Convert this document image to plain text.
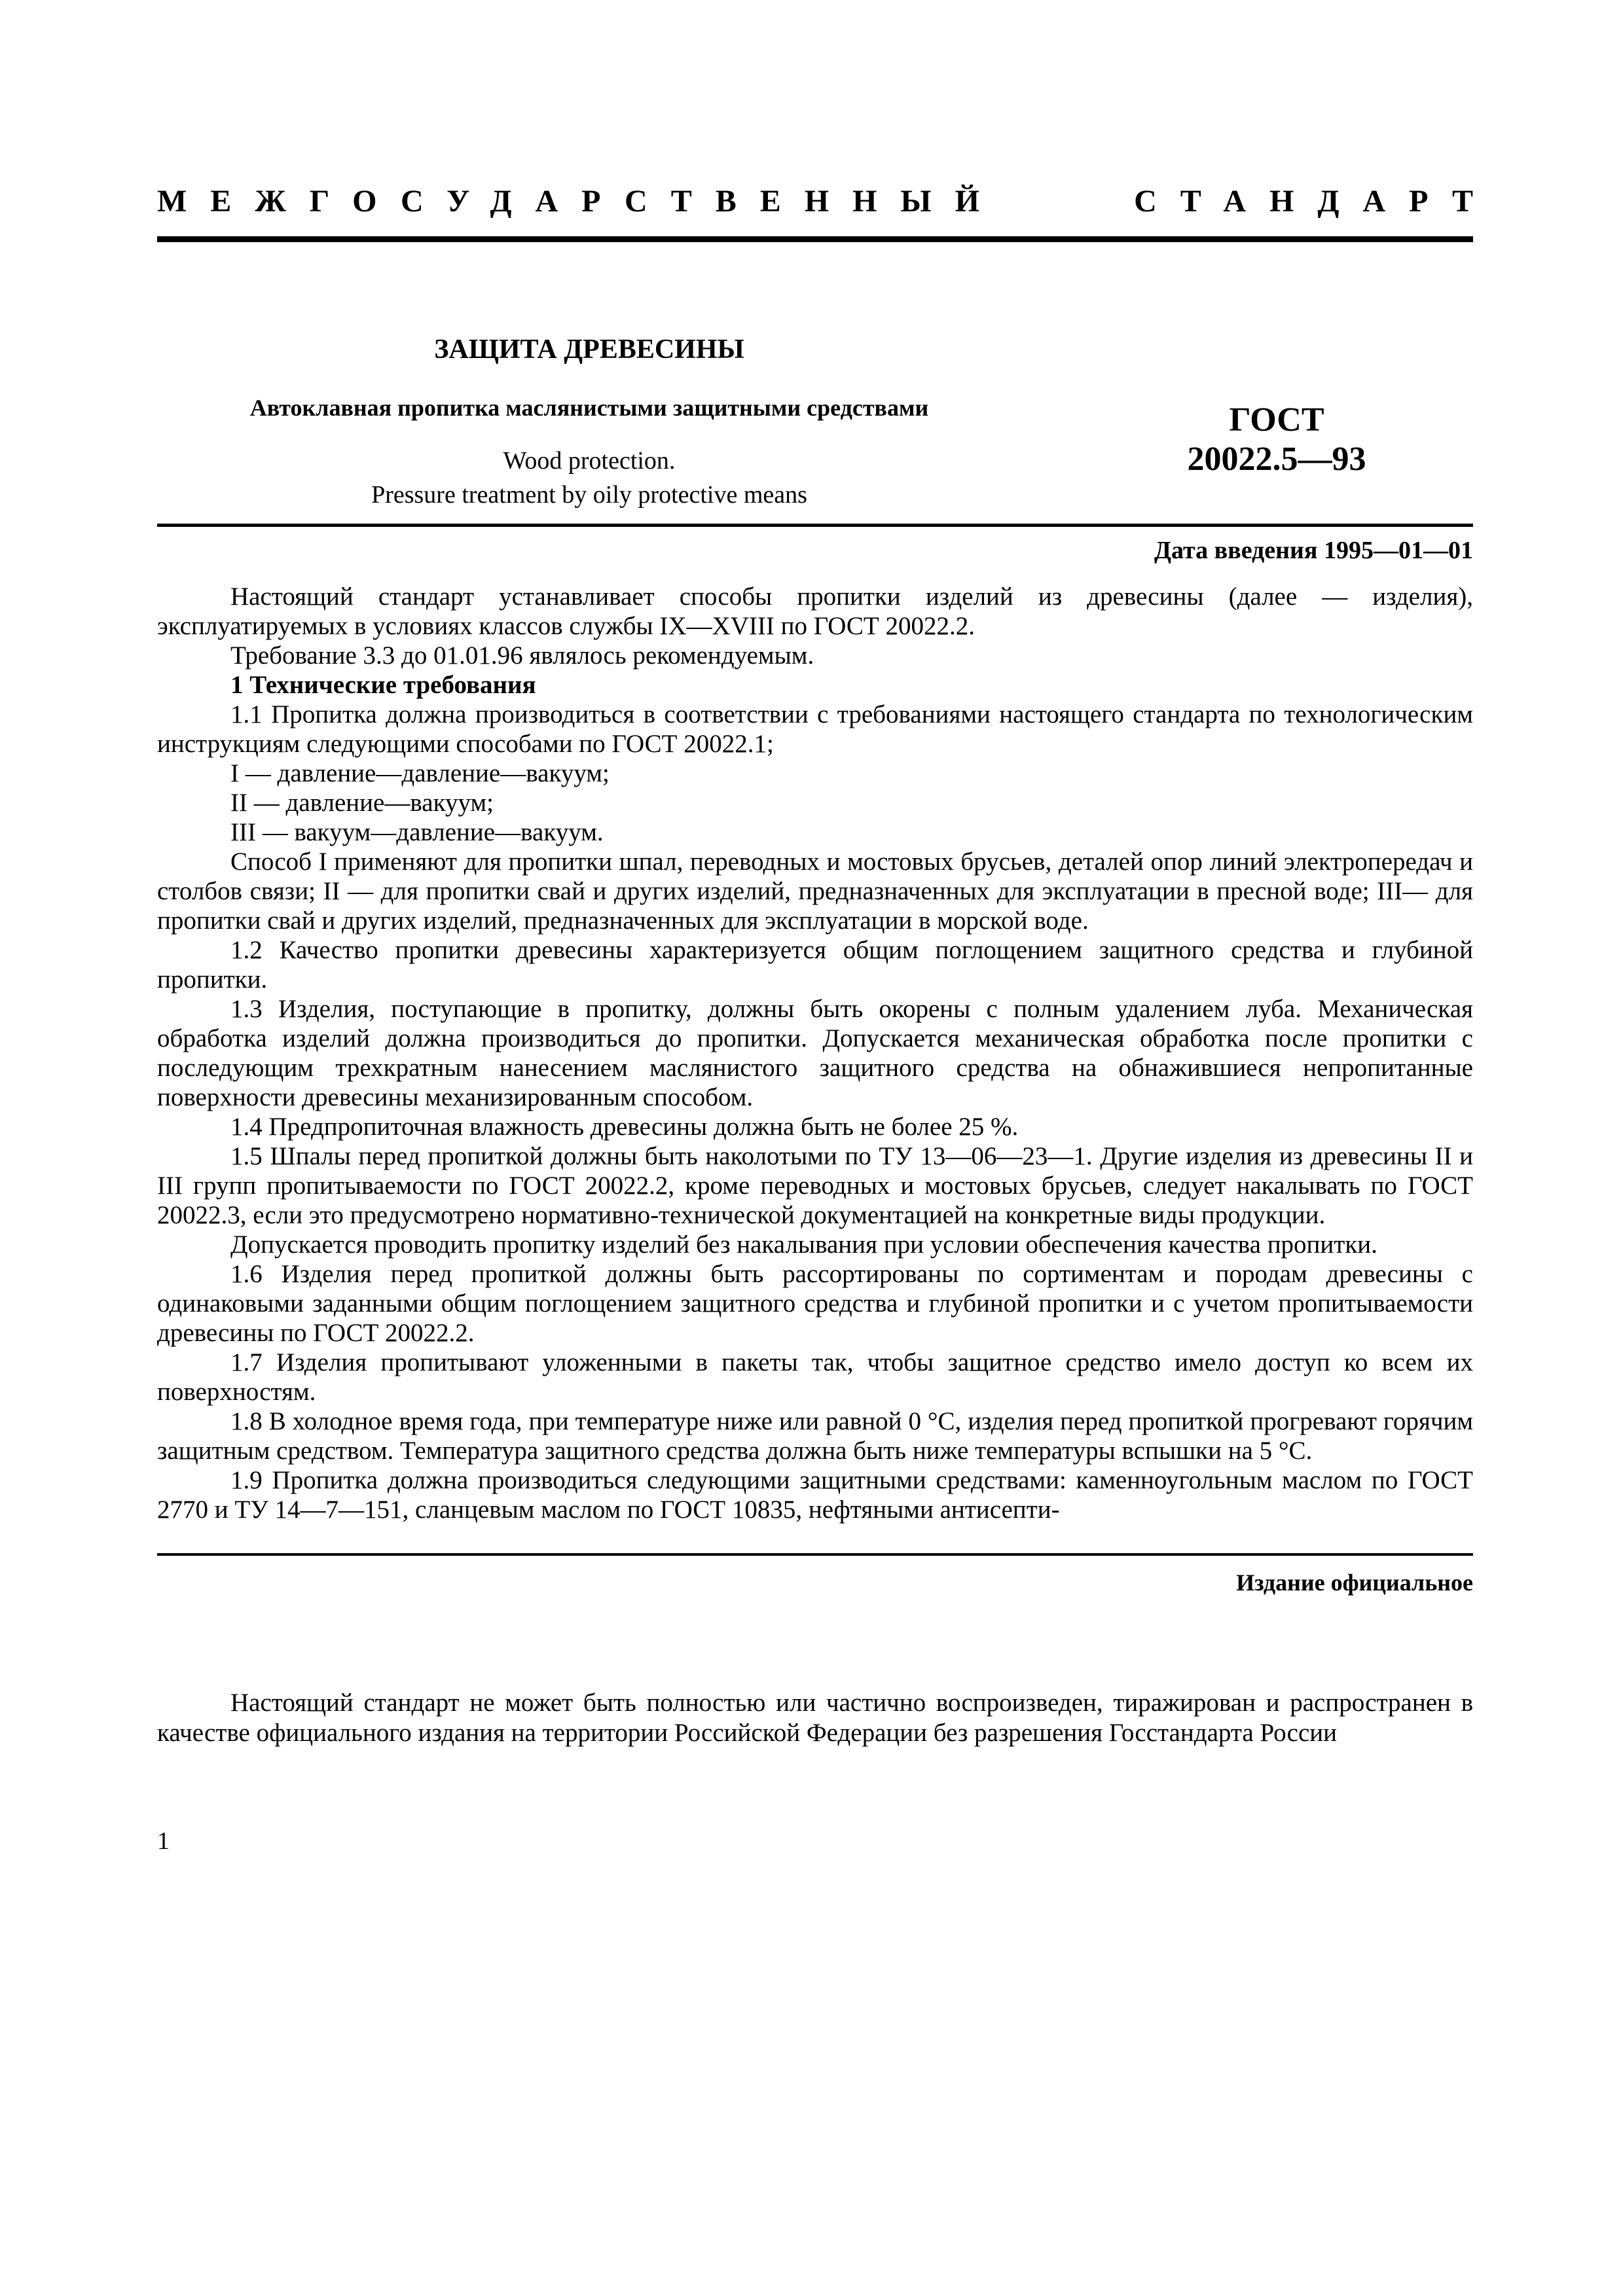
МЕЖГОСУДАРСТВЕННЫЙ	СТАНДАРТ
ЗАЩИТА ДРЕВЕСИНЫ
Автоклавная пропитка маслянистыми защитными средствами
Wood protection.
Pressure treatment by oily protective means
ГОСТ
20022.5—93
Дата введения 1995—01—01

Настоящий стандарт устанавливает способы пропитки изделий из древесины (далее — изделия), эксплуатируемых в условиях классов службы IX—XVIII по ГОСТ 20022.2.

Требование 3.3 до 01.01.96 являлось рекомендуемым.

1 Технические требования

1.1 Пропитка должна производиться в соответствии с требованиями настоящего стандарта по технологическим инструкциям следующими способами по ГОСТ 20022.1;

I — давление—давление—вакуум;

II — давление—вакуум;

III — вакуум—давление—вакуум.

Способ I применяют для пропитки шпал, переводных и мостовых брусьев, деталей опор линий электропередач и столбов связи; II — для пропитки свай и других изделий, предназначенных для эксплуатации в пресной воде; III— для пропитки свай и других изделий, предназначенных для эксплуатации в морской воде.

1.2 Качество пропитки древесины характеризуется общим поглощением защитного средства и глубиной пропитки.

1.3 Изделия, поступающие в пропитку, должны быть окорены с полным удалением луба. Механическая обработка изделий должна производиться до пропитки. Допускается механическая обработка после пропитки с последующим трехкратным нанесением маслянистого защитного средства на обнажившиеся непропитанные поверхности древесины механизированным способом.

1.4 Предпропиточная влажность древесины должна быть не более 25 %.

1.5 Шпалы перед пропиткой должны быть наколотыми по ТУ 13—06—23—1. Другие изделия из древесины II и III групп пропитываемости по ГОСТ 20022.2, кроме переводных и мостовых брусьев, следует накалывать по ГОСТ 20022.3, если это предусмотрено нормативно-технической документацией на конкретные виды продукции.

Допускается проводить пропитку изделий без накалывания при условии обеспечения качества пропитки.

1.6 Изделия перед пропиткой должны быть рассортированы по сортиментам и породам древесины с одинаковыми заданными общим поглощением защитного средства и глубиной пропитки и с учетом пропитываемости древесины по ГОСТ 20022.2.

1.7 Изделия пропитывают уложенными в пакеты так, чтобы защитное средство имело доступ ко всем их поверхностям.

1.8 В холодное время года, при температуре ниже или равной 0 °С, изделия перед пропиткой прогревают горячим защитным средством. Температура защитного средства должна быть ниже температуры вспышки на 5 °С.

1.9 Пропитка должна производиться следующими защитными средствами: каменноугольным маслом по ГОСТ 2770 и ТУ 14—7—151, сланцевым маслом по ГОСТ 10835, нефтяными антисепти-

Издание официальное
Настоящий стандарт не может быть полностью или частично воспроизведен, тиражирован и распространен в качестве официального издания на территории Российской Федерации без разрешения Госстандарта России
1
